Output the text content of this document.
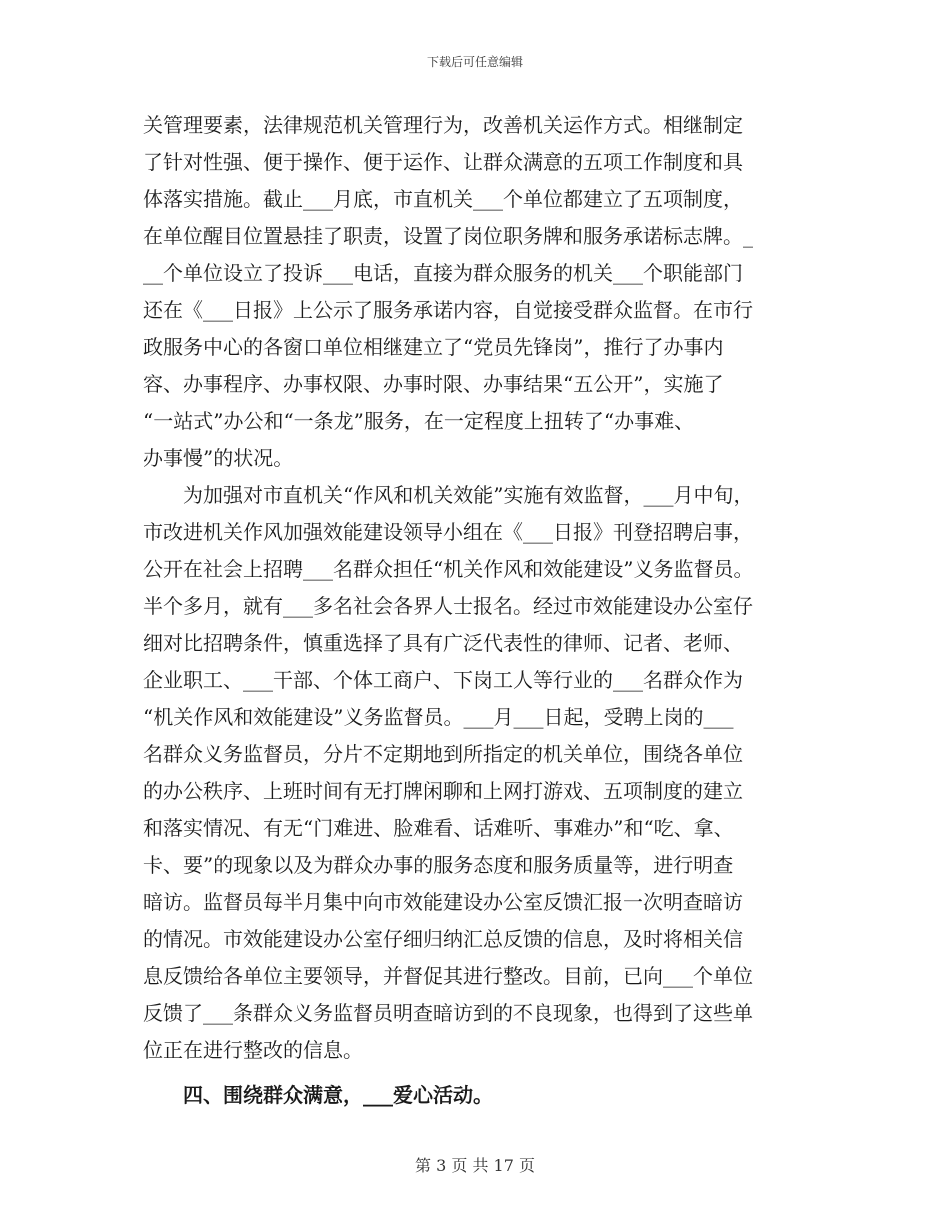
下载后可任意编辑
关管理要素，法律规范机关管理行为，改善机关运作方式。相继制定
了针对性强、便于操作、便于运作、让群众满意的五项工作制度和具
体落实措施。截止___月底，市直机关___个单位都建立了五项制度，
在单位醒目位置悬挂了职责，设置了岗位职务牌和服务承诺标志牌。_
__个单位设立了投诉___电话，直接为群众服务的机关___个职能部门
还在《___日报》上公示了服务承诺内容，自觉接受群众监督。在市行
政服务中心的各窗口单位相继建立了“党员先锋岗”，推行了办事内
容、办事程序、办事权限、办事时限、办事结果“五公开”，实施了
“一站式”办公和“一条龙”服务，在一定程度上扭转了“办事难、
办事慢”的状况。
　　为加强对市直机关“作风和机关效能”实施有效监督，___月中旬，
市改进机关作风加强效能建设领导小组在《___日报》刊登招聘启事，
公开在社会上招聘___名群众担任“机关作风和效能建设”义务监督员。
半个多月，就有___多名社会各界人士报名。经过市效能建设办公室仔
细对比招聘条件，慎重选择了具有广泛代表性的律师、记者、老师、
企业职工、___干部、个体工商户、下岗工人等行业的___名群众作为
“机关作风和效能建设”义务监督员。___月___日起，受聘上岗的___
名群众义务监督员，分片不定期地到所指定的机关单位，围绕各单位
的办公秩序、上班时间有无打牌闲聊和上网打游戏、五项制度的建立
和落实情况、有无“门难进、脸难看、话难听、事难办”和“吃、拿、
卡、要”的现象以及为群众办事的服务态度和服务质量等，进行明查
暗访。监督员每半月集中向市效能建设办公室反馈汇报一次明查暗访
的情况。市效能建设办公室仔细归纳汇总反馈的信息，及时将相关信
息反馈给各单位主要领导，并督促其进行整改。目前，已向___个单位
反馈了___条群众义务监督员明查暗访到的不良现象，也得到了这些单
位正在进行整改的信息。
　　四、围绕群众满意，___爱心活动。
第 3 页 共 17 页
